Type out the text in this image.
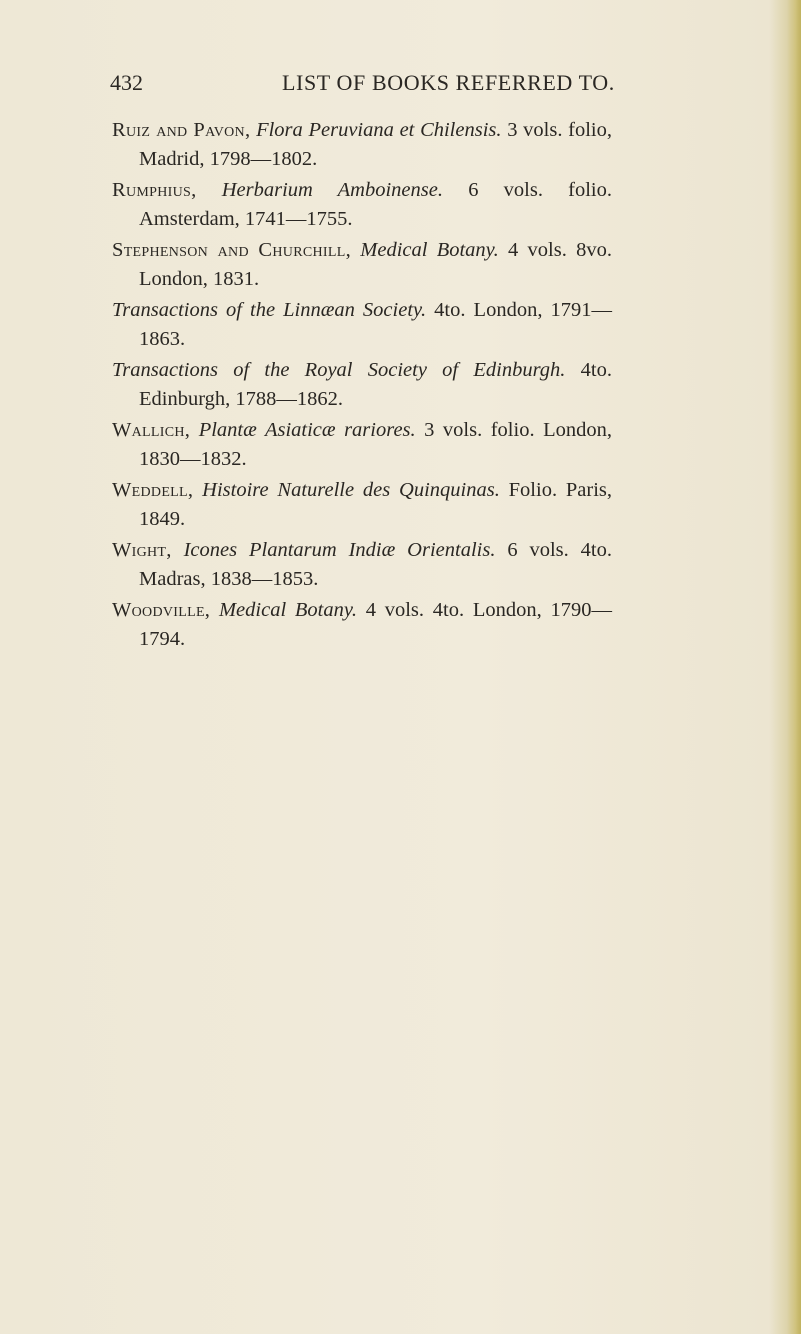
432	LIST OF BOOKS REFERRED TO.

Ruiz and Pavon, Flora Peruviana et Chilensis. 3 vols. folio, Madrid, 1798—1802.

Rumphius, Herbarium Amboinense. 6 vols. folio. Amsterdam, 1741—1755.

Stephenson and Churchill, Medical Botany. 4 vols. 8vo. London, 1831.

Transactions of the Linnæan Society. 4to. London, 1791—1863.

Transactions of the Royal Society of Edinburgh. 4to. Edinburgh, 1788—1862.

Wallich, Plantæ Asiaticæ rariores. 3 vols. folio. London, 1830—1832.

Weddell, Histoire Naturelle des Quinquinas. Folio. Paris, 1849.

Wight, Icones Plantarum Indiæ Orientalis. 6 vols. 4to. Madras, 1838—1853.

Woodville, Medical Botany. 4 vols. 4to. London, 1790—1794.
